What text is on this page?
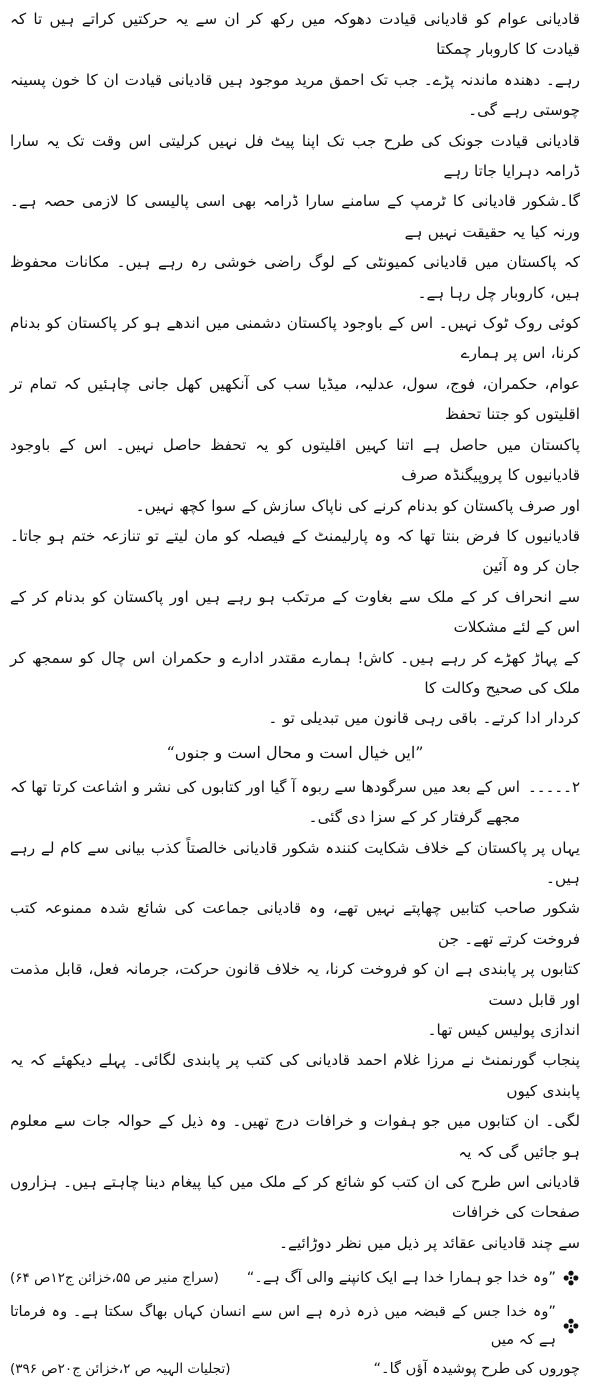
قادیانی عوام کو قادیانی قیادت دھوکہ میں رکھ کر ان سے یہ حرکتیں کراتے ہیں تا کہ قیادت کا کاروبار چمکتا

رہے۔ دھندہ ماندنہ پڑے۔ جب تک احمق مرید موجود ہیں قادیانی قیادت ان کا خون پسینہ چوستی رہے گی۔

قادیانی قیادت جونک کی طرح جب تک اپنا پیٹ فل نہیں کرلیتی اس وقت تک یہ سارا ڈرامہ دہرایا جاتا رہے

گا۔شکور قادیانی کا ٹرمپ کے سامنے سارا ڈرامہ بھی اسی پالیسی کا لازمی حصہ ہے۔ ورنہ کیا یہ حقیقت نہیں ہے

کہ پاکستان میں قادیانی کمیونٹی کے لوگ راضی خوشی رہ رہے ہیں۔ مکانات محفوظ ہیں، کاروبار چل رہا ہے۔

کوئی روک ٹوک نہیں۔ اس کے باوجود پاکستان دشمنی میں اندھے ہو کر پاکستان کو بدنام کرنا، اس پر ہمارے

عوام، حکمران، فوج، سول، عدلیہ، میڈیا سب کی آنکھیں کھل جانی چاہئیں کہ تمام تر اقلیتوں کو جتنا تحفظ

پاکستان میں حاصل ہے اتنا کہیں اقلیتوں کو یہ تحفظ حاصل نہیں۔ اس کے باوجود قادیانیوں کا پروپیگنڈہ صرف

اور صرف پاکستان کو بدنام کرنے کی ناپاک سازش کے سوا کچھ نہیں۔

قادیانیوں کا فرض بنتا تھا کہ وہ پارلیمنٹ کے فیصلہ کو مان لیتے تو تنازعہ ختم ہو جاتا۔ جان کر وہ آئین

سے انحراف کر کے ملک سے بغاوت کے مرتکب ہو رہے ہیں اور پاکستان کو بدنام کر کے اس کے لئے مشکلات

کے پہاڑ کھڑے کر رہے ہیں۔ کاش! ہمارے مقتدر ادارے و حکمران اس چال کو سمجھ کر ملک کی صحیح وکالت کا

کردار ادا کرتے۔ باقی رہی قانون میں تبدیلی تو ۔

”ایں خیال است و محال است و جنوں“
۲۔۔۔۔۔
اس کے بعد میں سرگودھا سے ربوہ آ گیا اور کتابوں کی نشر و اشاعت کرتا تھا کہ مجھے گرفتار کر کے سزا دی گئی۔

یہاں پر پاکستان کے خلاف شکایت کنندہ شکور قادیانی خالصتاً کذب بیانی سے کام لے رہے ہیں۔

شکور صاحب کتابیں چھاپتے نہیں تھے، وہ قادیانی جماعت کی شائع شدہ ممنوعہ کتب فروخت کرتے تھے۔ جن

کتابوں پر پابندی ہے ان کو فروخت کرنا، یہ خلاف قانون حرکت، جرمانہ فعل، قابل مذمت اور قابل دست

اندازی پولیس کیس تھا۔

پنجاب گورنمنٹ نے مرزا غلام احمد قادیانی کی کتب پر پابندی لگائی۔ پہلے دیکھئے کہ یہ پابندی کیوں

لگی۔ ان کتابوں میں جو ہفوات و خرافات درج تھیں۔ وہ ذیل کے حوالہ جات سے معلوم ہو جائیں گی کہ یہ

قادیانی اس طرح کی ان کتب کو شائع کر کے ملک میں کیا پیغام دینا چاہتے ہیں۔ ہزاروں صفحات کی خرافات

سے چند قادیانی عقائد پر ذیل میں نظر دوڑائیے۔

”وہ خدا جو ہمارا خدا ہے ایک کانپنے والی آگ ہے۔“
(سراج منیر ص ۵۵،خزائن ج۱۲ص ۶۴)
”وہ خدا جس کے قبضہ میں ذرہ ذرہ ہے اس سے انسان کہاں بھاگ سکتا ہے۔ وہ فرماتا ہے کہ میں
چوروں کی طرح پوشیدہ آؤں گا۔“
(تجلیات الہیہ ص ۲،خزائن ج۲۰ص ۳۹۶)
